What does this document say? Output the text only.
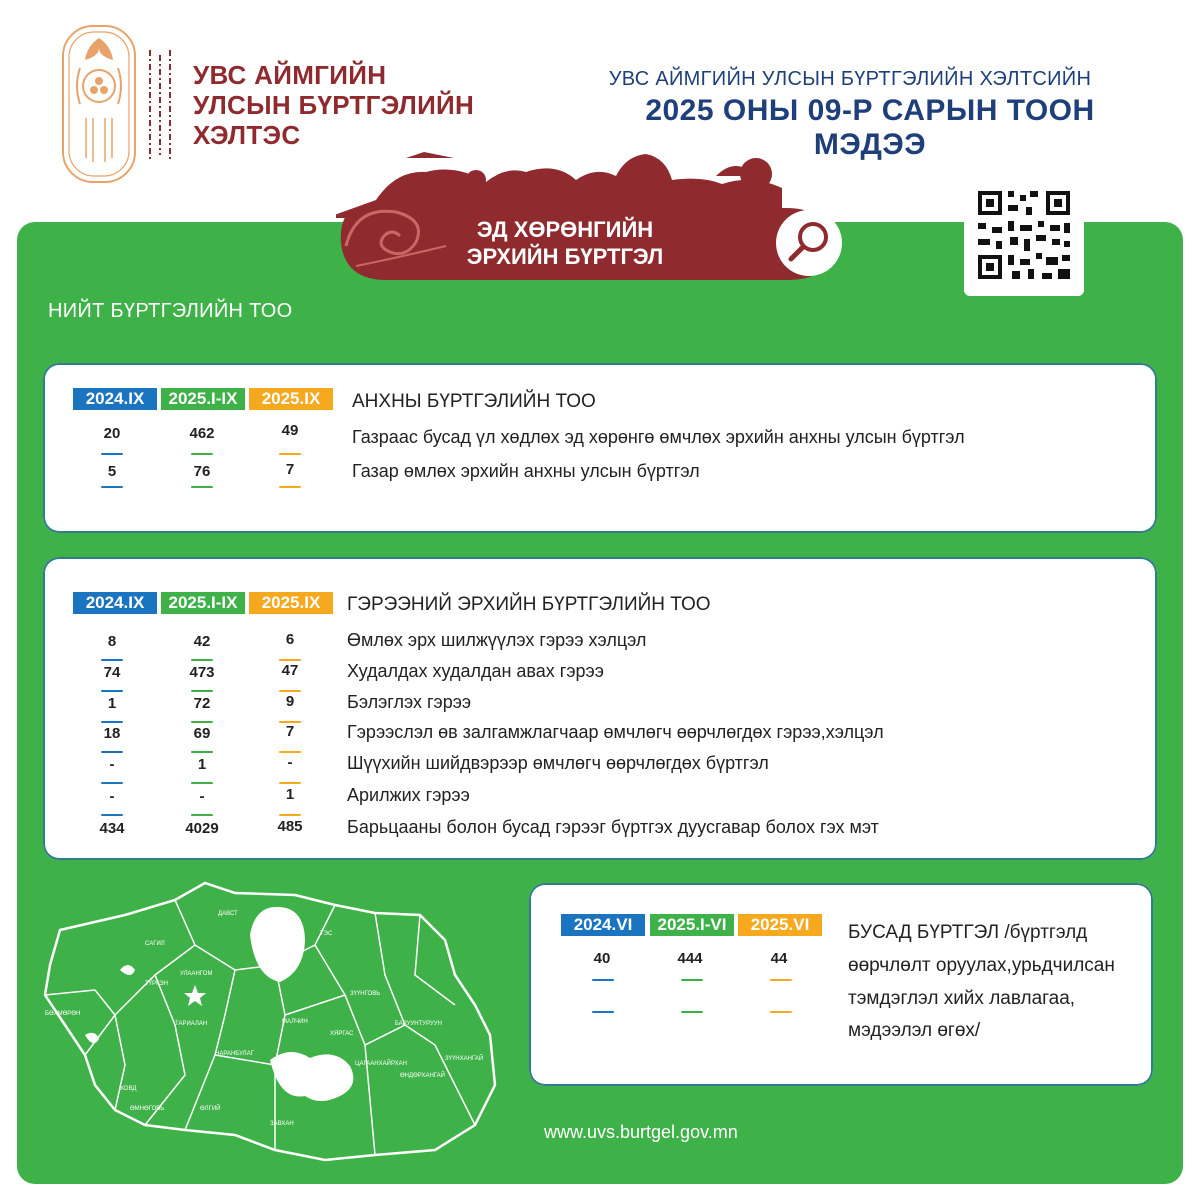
УВС АЙМГИЙН
УЛСЫН БҮРТГЭЛИЙН
ХЭЛТЭС
УВС АЙМГИЙН УЛСЫН БҮРТГЭЛИЙН ХЭЛТСИЙН
2025 ОНЫ 09-Р САРЫН ТООН МЭДЭЭ
ЭД ХӨРӨНГИЙН
ЭРХИЙН БҮРТГЭЛ
НИЙТ БҮРТГЭЛИЙН ТОО
2024.IX	2025.I-IX	2025.IX	АНХНЫ БҮРТГЭЛИЙН ТОО
20	462	49	Газраас бусад үл хөдлөх эд хөрөнгө өмчлөх эрхийн анхны улсын бүртгэл
5	76	7	Газар өмлөх эрхийн анхны улсын бүртгэл
2024.IX	2025.I-IX	2025.IX	ГЭРЭЭНИЙ ЭРХИЙН БҮРТГЭЛИЙН ТОО
8	42	6	Өмлөх эрх шилжүүлэх гэрээ хэлцэл
74	473	47	Худалдах худалдан авах гэрээ
1	72	9	Бэлэглэх гэрээ
18	69	7	Гэрээслэл өв залгамжлагчаар өмчлөгч өөрчлөгдөх гэрээ,хэлцэл
-	1	-	Шүүхийн шийдвэрээр өмчлөгч өөрчлөгдөх бүртгэл
-	-	1	Арилжих гэрээ
434	4029	485	Барьцааны болон бусад гэрээг бүртгэх дуусгавар болох гэх мэт
2024.VI	2025.I-VI	2025.VI
40	444	44
БУСАД БҮРТГЭЛ /бүртгэлд
өөрчлөлт оруулах,урьдчилсан
тэмдэглэл хийх лавлагаа,
мэдээлэл өгөх/
ДАВСТ
ТЭС
САГИЛ
УЛААНГОМ
ТҮРГЭН
ЗҮҮНГОВЬ
БӨХМӨРӨН
ТАРИАЛАН	МАЛЧИН
ХЯРГАС
БАРУУНТУРУУН
НАРАНБУЛАГ
ЗҮҮНХАНГАЙ
ЦАГААНХАЙРХАН
ӨНДӨРХАНГАЙ
ХОВД
ӨМНӨГОВЬ	ӨЛГИЙ
ЗАВХАН	www.uvs.burtgel.gov.mn
